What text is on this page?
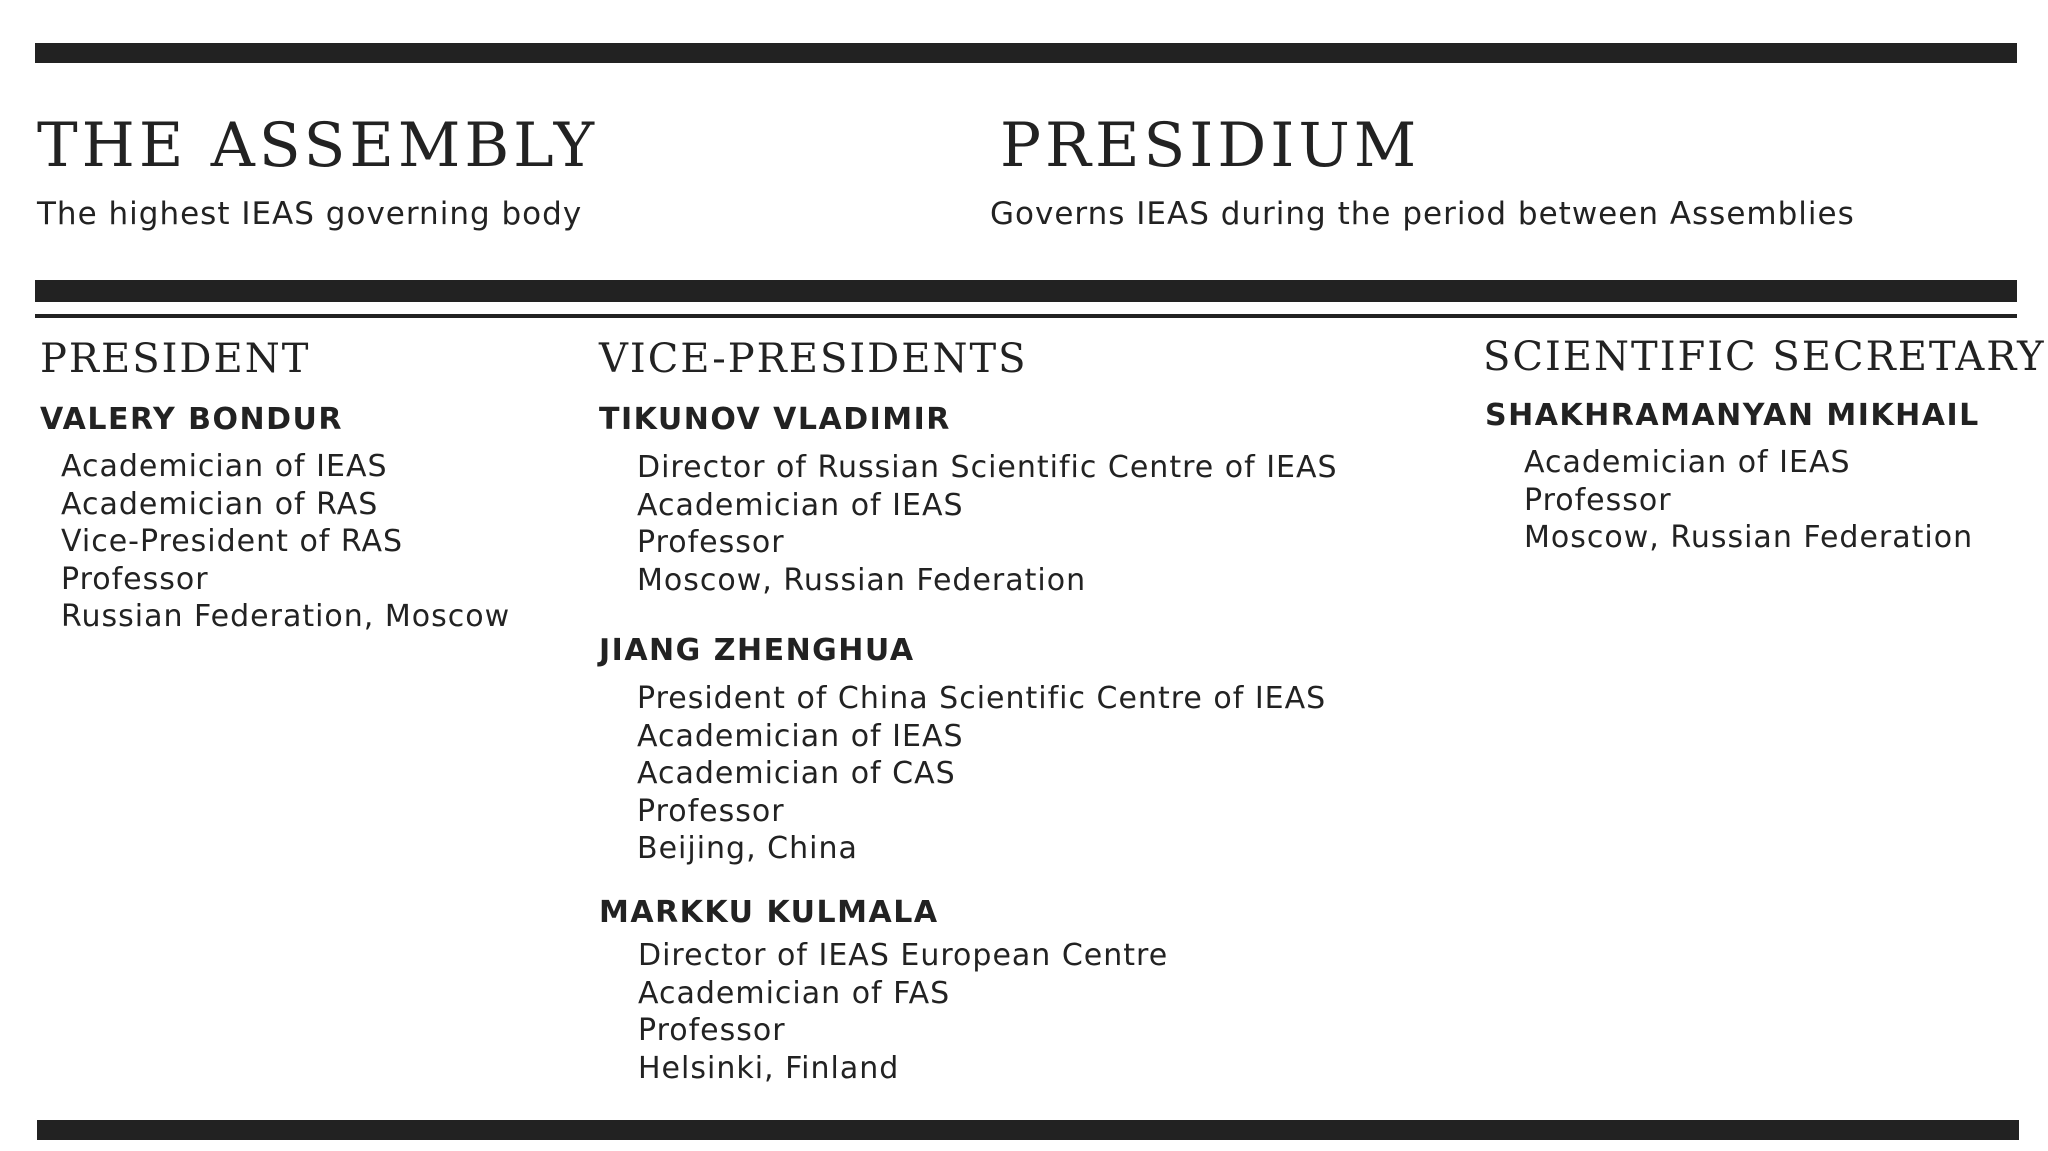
THE ASSEMBLY

The highest IEAS governing body

PRESIDIUM

Governs IEAS during the period between Assemblies

PRESIDENT

VALERY BONDUR

Academician of IEAS
Academician of RAS
Vice-President of RAS
Professor
Russian Federation, Moscow
VICE-PRESIDENTS

TIKUNOV VLADIMIR

Director of Russian Scientific Centre of IEAS
Academician of IEAS
Professor
Moscow, Russian Federation

JIANG ZHENGHUA

President of China Scientific Centre of IEAS
Academician of IEAS
Academician of CAS
Professor
Beijing, China

MARKKU KULMALA

Director of IEAS European Centre
Academician of FAS
Professor
Helsinki, Finland
SCIENTIFIC SECRETARY

SHAKHRAMANYAN MIKHAIL

Academician of IEAS
Professor
Moscow, Russian Federation
